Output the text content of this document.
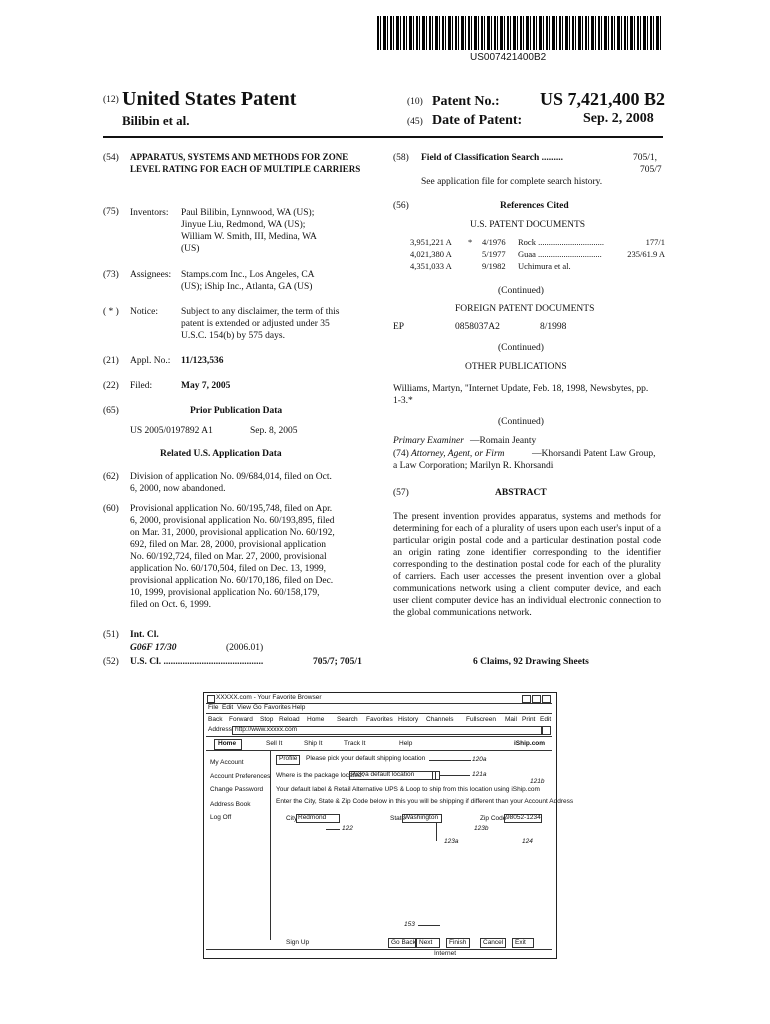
US007421400B2
(12) United States Patent
Bilibin et al.
(10) Patent No.: US 7,421,400 B2
(45) Date of Patent:	Sep. 2, 2008
(54) APPARATUS, SYSTEMS AND METHODS FOR ZONE LEVEL RATING FOR EACH OF MULTIPLE CARRIERS
(75) Inventors: Paul Bilibin, Lynnwood, WA (US);
Jinyue Liu, Redmond, WA (US);
William W. Smith, III, Medina, WA
(US)
(73) Assignees: Stamps.com Inc., Los Angeles, CA
(US); iShip Inc., Atlanta, GA (US)
( * ) Notice: Subject to any disclaimer, the term of this
patent is extended or adjusted under 35
U.S.C. 154(b) by 575 days.
(21) Appl. No.: 11/123,536
(22) Filed:	May 7, 2005
(65)	Prior Publication Data
US 2005/0197892 A1	Sep. 8, 2005
Related U.S. Application Data
(62) Division of application No. 09/684,014, filed on Oct.
6, 2000, now abandoned.
(60) Provisional application No. 60/195,748, filed on Apr.
6, 2000, provisional application No. 60/193,895, filed
on Mar. 31, 2000, provisional application No. 60/192,
692, filed on Mar. 28, 2000, provisional application
No. 60/192,724, filed on Mar. 27, 2000, provisional
application No. 60/170,504, filed on Dec. 13, 1999,
provisional application No. 60/170,186, filed on Dec.
10, 1999, provisional application No. 60/158,179,
filed on Oct. 6, 1999.
(51) Int. Cl.
G06F 17/30	(2006.01)
(52) U.S. Cl. ..........................................	705/7; 705/1
(58) Field of Classification Search .........	705/1,
705/7
See application file for complete search history.
(56)	References Cited
U.S. PATENT DOCUMENTS
3,951,221 A * 4/1976 Rock ...............................	177/1
4,021,380 A	5/1977 Guaa ..............................	235/61.9 A
4,351,033 A	9/1982 Uchimura et al.
(Continued)
FOREIGN PATENT DOCUMENTS
EP	0858037A2	8/1998
(Continued)
OTHER PUBLICATIONS
Williams, Martyn, "Internet Update, Feb. 18, 1998, Newsbytes, pp.
1-3.*
(Continued)
Primary Examiner —Romain Jeanty
(74) Attorney, Agent, or Firm	—Khorsandi Patent Law Group,
a Law Corporation; Marilyn R. Khorsandi
(57)	ABSTRACT
The present invention provides apparatus, systems and methods for determining for each of a plurality of users upon each user's input of a particular origin postal code and a particular destination postal code an origin rating zone identifier corresponding to the identifier corresponding to the destination postal code for each of the plurality of carriers. Each user accesses the present invention over a global communications network using a client computer device, and each user client computer device has an individual electronic connection to the global communications network.
6 Claims, 92 Drawing Sheets
XXXXX.com - Your Favorite Browser
File Edit View Go Favorites Help
Back Forward Stop Reload Home Search Favorites History Channels Fullscreen Mail Print Edit
Address http://www.xxxxx.com
Home	Sell It	Ship It	Track It	Help	iShip.com
My Account
Account Preferences
Change Password
Address Book
Log Off
Profile Please pick your default shipping location	120a
Where is the package located?
Pick a default location	121a
Your default label & Retail Alternative UPS & Loop to ship from this location using iShip.com
121b
Enter the City, State & Zip Code below in this you will be shipping if different than your Account Address
City Redmond
122
State
Washington
123a
123b
Zip Code 98052-1234
124
153
Sign Up	Go Back Next	Finish	Cancel Exit
Internet
